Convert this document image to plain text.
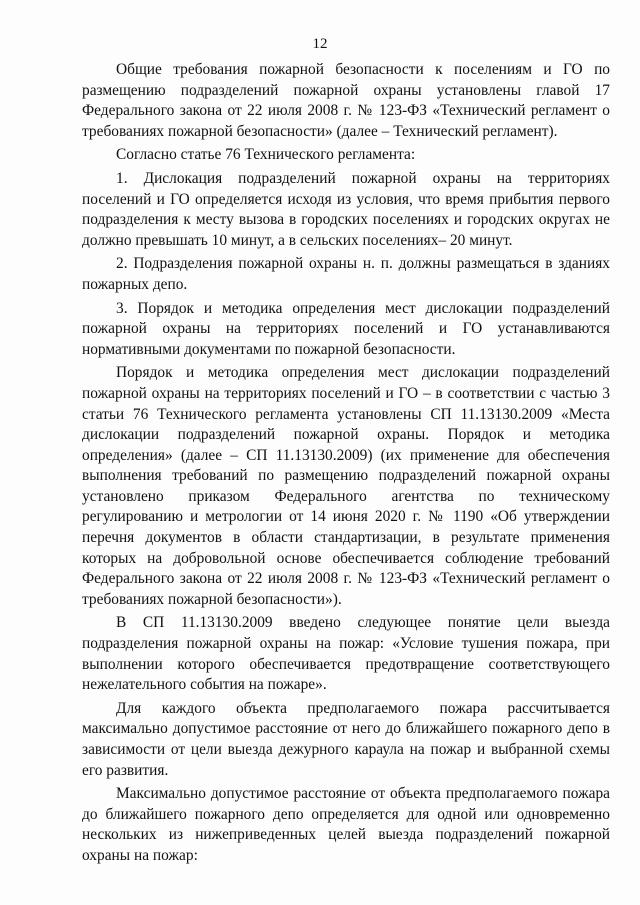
12

Общие требования пожарной безопасности к поселениям и ГО по размещению подразделений пожарной охраны установлены главой 17 Федерального закона от 22 июля 2008 г. № 123-ФЗ «Технический регламент о требованиях пожарной безопасности» (далее – Технический регламент).

Согласно статье 76 Технического регламента:

1. Дислокация подразделений пожарной охраны на территориях поселений и ГО определяется исходя из условия, что время прибытия первого подразделения к месту вызова в городских поселениях и городских округах не должно превышать 10 минут, а в сельских поселениях– 20 минут.

2. Подразделения пожарной охраны н. п. должны размещаться в зданиях пожарных депо.

3. Порядок и методика определения мест дислокации подразделений пожарной охраны на территориях поселений и ГО устанавливаются нормативными документами по пожарной безопасности.

Порядок и методика определения мест дислокации подразделений пожарной охраны на территориях поселений и ГО – в соответствии с частью 3 статьи 76 Технического регламента установлены СП 11.13130.2009 «Места дислокации подразделений пожарной охраны. Порядок и методика определения» (далее – СП 11.13130.2009) (их применение для обеспечения выполнения требований по размещению подразделений пожарной охраны установлено приказом Федерального агентства по техническому регулированию и метрологии от 14 июня 2020 г. № 1190 «Об утверждении перечня документов в области стандартизации, в результате применения которых на добровольной основе обеспечивается соблюдение требований Федерального закона от 22 июля 2008 г. № 123-ФЗ «Технический регламент о требованиях пожарной безопасности»).

В СП 11.13130.2009 введено следующее понятие цели выезда подразделения пожарной охраны на пожар: «Условие тушения пожара, при выполнении которого обеспечивается предотвращение соответствующего нежелательного события на пожаре».

Для каждого объекта предполагаемого пожара рассчитывается максимально допустимое расстояние от него до ближайшего пожарного депо в зависимости от цели выезда дежурного караула на пожар и выбранной схемы его развития.

Максимально допустимое расстояние от объекта предполагаемого пожара до ближайшего пожарного депо определяется для одной или одновременно нескольких из нижеприведенных целей выезда подразделений пожарной охраны на пожар:
